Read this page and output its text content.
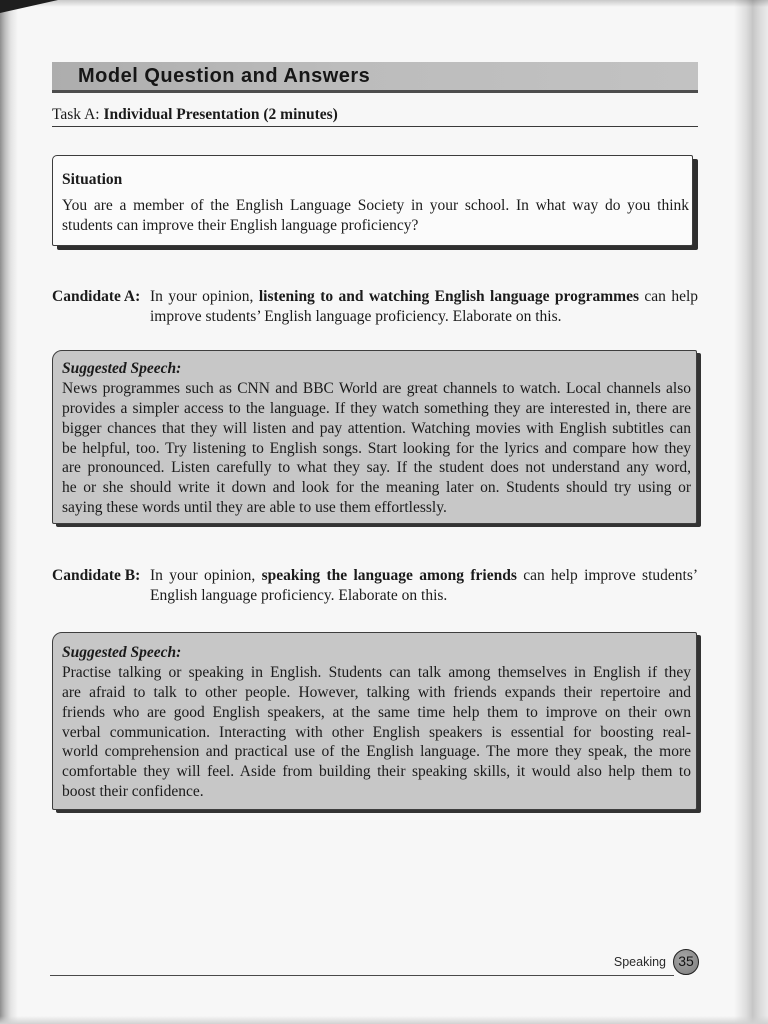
Model Question and Answers
Task A: Individual Presentation (2 minutes)
Situation
You are a member of the English Language Society in your school. In what way do you think
students can improve their English language proficiency?
Candidate A: In your opinion, listening to and watching English language programmes can help improve students’ English language proficiency. Elaborate on this.
Suggested Speech:
News programmes such as CNN and BBC World are great channels to watch. Local channels also
provides a simpler access to the language. If they watch something they are interested in, there are
bigger chances that they will listen and pay attention. Watching movies with English subtitles can
be helpful, too. Try listening to English songs. Start looking for the lyrics and compare how they
are pronounced. Listen carefully to what they say. If the student does not understand any word,
he or she should write it down and look for the meaning later on. Students should try using or
saying these words until they are able to use them effortlessly.
Candidate B: In your opinion, speaking the language among friends can help improve students’ English language proficiency. Elaborate on this.
Suggested Speech:
Practise talking or speaking in English. Students can talk among themselves in English if they
are afraid to talk to other people. However, talking with friends expands their repertoire and
friends who are good English speakers, at the same time help them to improve on their own
verbal communication. Interacting with other English speakers is essential for boosting real-
world comprehension and practical use of the English language. The more they speak, the more
comfortable they will feel. Aside from building their speaking skills, it would also help them to
boost their confidence.
Speaking 35
